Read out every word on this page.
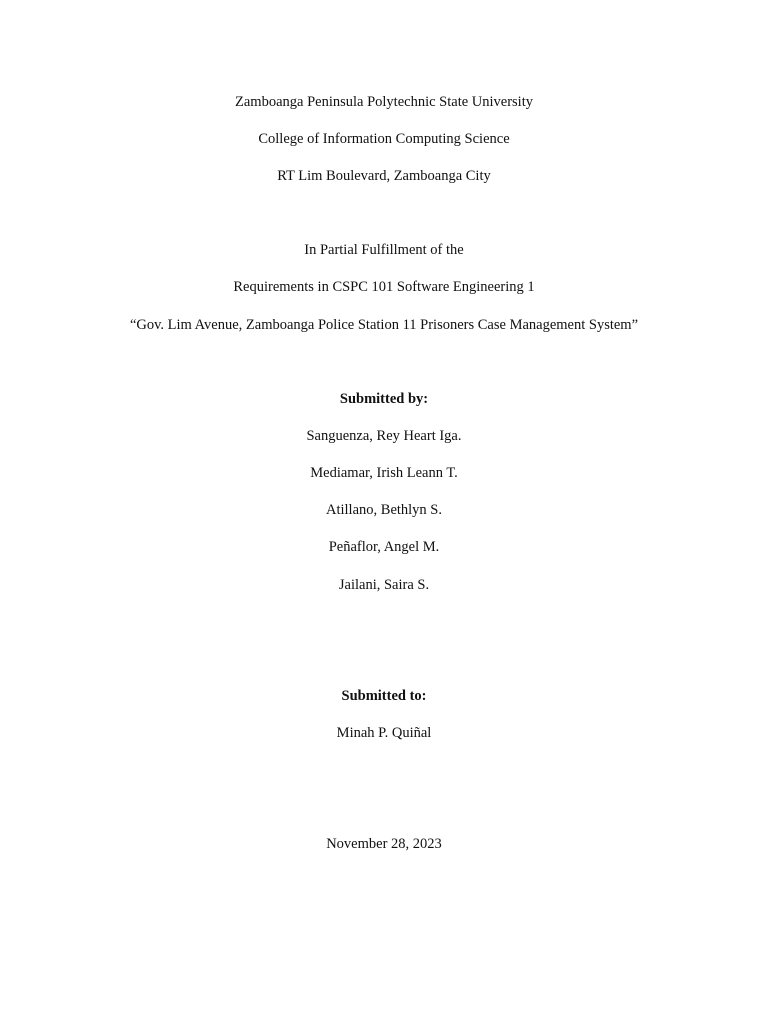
Zamboanga Peninsula Polytechnic State University
College of Information Computing Science
RT Lim Boulevard, Zamboanga City
In Partial Fulfillment of the
Requirements in CSPC 101 Software Engineering 1
“Gov. Lim Avenue, Zamboanga Police Station 11 Prisoners Case Management System”
Submitted by:
Sanguenza, Rey Heart Iga.
Mediamar, Irish Leann T.
Atillano, Bethlyn S.
Peñaflor, Angel M.
Jailani, Saira S.
Submitted to:
Minah P. Quiñal
November 28, 2023
